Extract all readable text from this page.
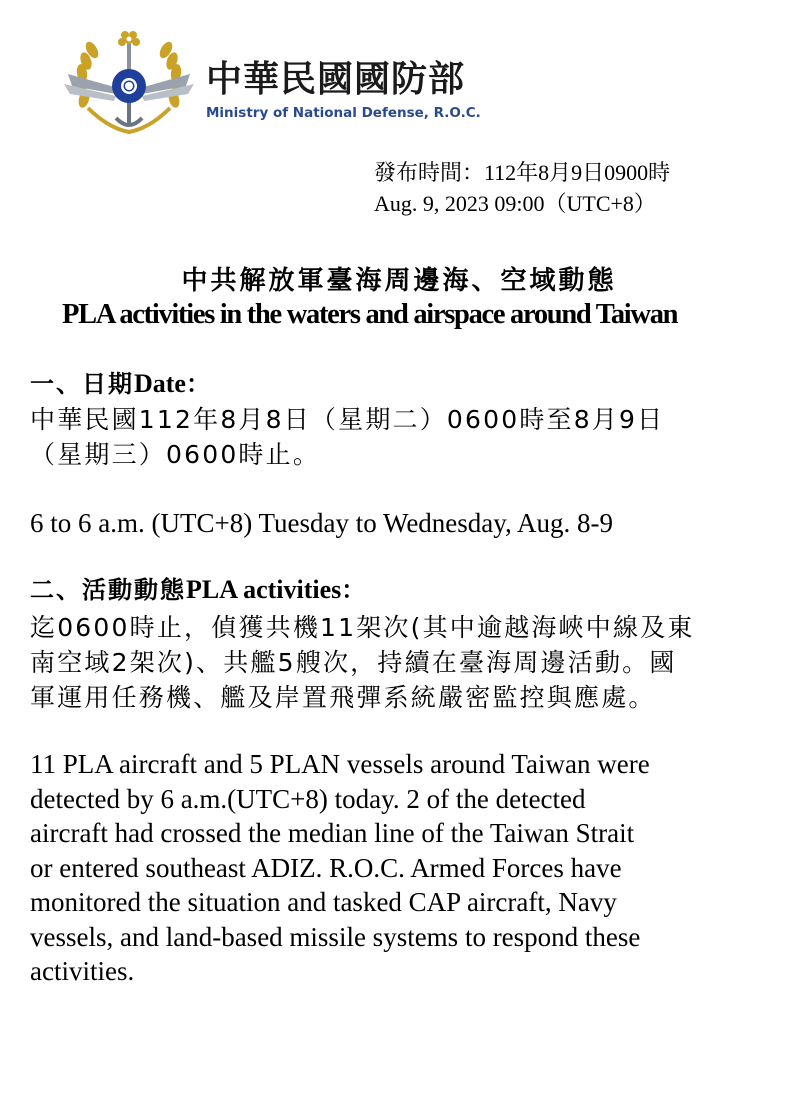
中華民國國防部
Ministry of National Defense, R.O.C.
發布時間：112年8月9日0900時
Aug. 9, 2023 09:00（UTC+8）
中共解放軍臺海周邊海、空域動態
PLA activities in the waters and airspace around Taiwan
一、日期Date：

中華民國112年8月8日（星期二）0600時至8月9日
（星期三）0600時止。

6 to 6 a.m. (UTC+8) Tuesday to Wednesday, Aug. 8-9

二、活動動態PLA activities：

迄0600時止，偵獲共機11架次(其中逾越海峽中線及東
南空域2架次)、共艦5艘次，持續在臺海周邊活動。國
軍運用任務機、艦及岸置飛彈系統嚴密監控與應處。

11 PLA aircraft and 5 PLAN vessels around Taiwan were
detected by 6 a.m.(UTC+8) today. 2 of the detected
aircraft had crossed the median line of the Taiwan Strait
or entered southeast ADIZ. R.O.C. Armed Forces have
monitored the situation and tasked CAP aircraft, Navy
vessels, and land-based missile systems to respond these
activities.
